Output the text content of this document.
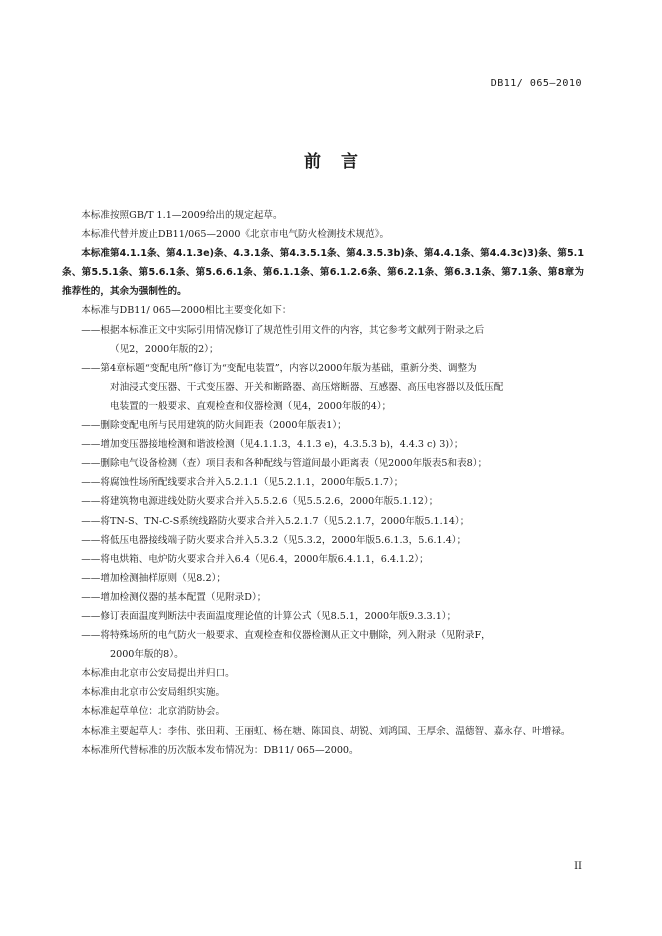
DB11/ 065—2010
前 言

本标准按照GB/T 1.1—2009给出的规定起草。

本标准代替并废止DB11/065—2000《北京市电气防火检测技术规范》。

本标准第4.1.1条、第4.1.3e)条、4.3.1条、第4.3.5.1条、第4.3.5.3b)条、第4.4.1条、第4.4.3c)3)条、第5.1条、第5.5.1条、第5.6.1条、第5.6.6.1条、第6.1.1条、第6.1.2.6条、第6.2.1条、第6.3.1条、第7.1条、第8章为推荐性的，其余为强制性的。

本标准与DB11/ 065—2000相比主要变化如下：

——根据本标准正文中实际引用情况修订了规范性引用文件的内容，其它参考文献列于附录之后
（见2，2000年版的2）；
——第4章标题“变配电所”修订为“变配电装置”，内容以2000年版为基础，重新分类、调整为
对油浸式变压器、干式变压器、开关和断路器、高压熔断器、互感器、高压电容器以及低压配
电装置的一般要求、直观检查和仪器检测（见4，2000年版的4）；
——删除变配电所与民用建筑的防火间距表（2000年版表1）；
——增加变压器接地检测和谐波检测（见4.1.1.3，4.1.3 e)，4.3.5.3 b)，4.4.3 c) 3)）；
——删除电气设备检测（查）项目表和各种配线与管道间最小距离表（见2000年版表5和表8）；
——将腐蚀性场所配线要求合并入5.2.1.1（见5.2.1.1，2000年版5.1.7）；
——将建筑物电源进线处防火要求合并入5.5.2.6（见5.5.2.6，2000年版5.1.12）；
——将TN-S、TN-C-S系统线路防火要求合并入5.2.1.7（见5.2.1.7，2000年版5.1.14）；
——将低压电器接线端子防火要求合并入5.3.2（见5.3.2，2000年版5.6.1.3，5.6.1.4）；
——将电烘箱、电炉防火要求合并入6.4（见6.4，2000年版6.4.1.1，6.4.1.2）；
——增加检测抽样原则（见8.2）；
——增加检测仪器的基本配置（见附录D）；
——修订表面温度判断法中表面温度理论值的计算公式（见8.5.1，2000年版9.3.3.1）；
——将特殊场所的电气防火一般要求、直观检查和仪器检测从正文中删除，列入附录（见附录F，
2000年版的8）。

本标准由北京市公安局提出并归口。

本标准由北京市公安局组织实施。

本标准起草单位：北京消防协会。

本标准主要起草人：李伟、张田莉、王丽虹、杨在塘、陈国良、胡锐、刘鸿国、王厚余、温德智、嘉永存、叶增禄。

本标准所代替标准的历次版本发布情况为：DB11/ 065—2000。

II
